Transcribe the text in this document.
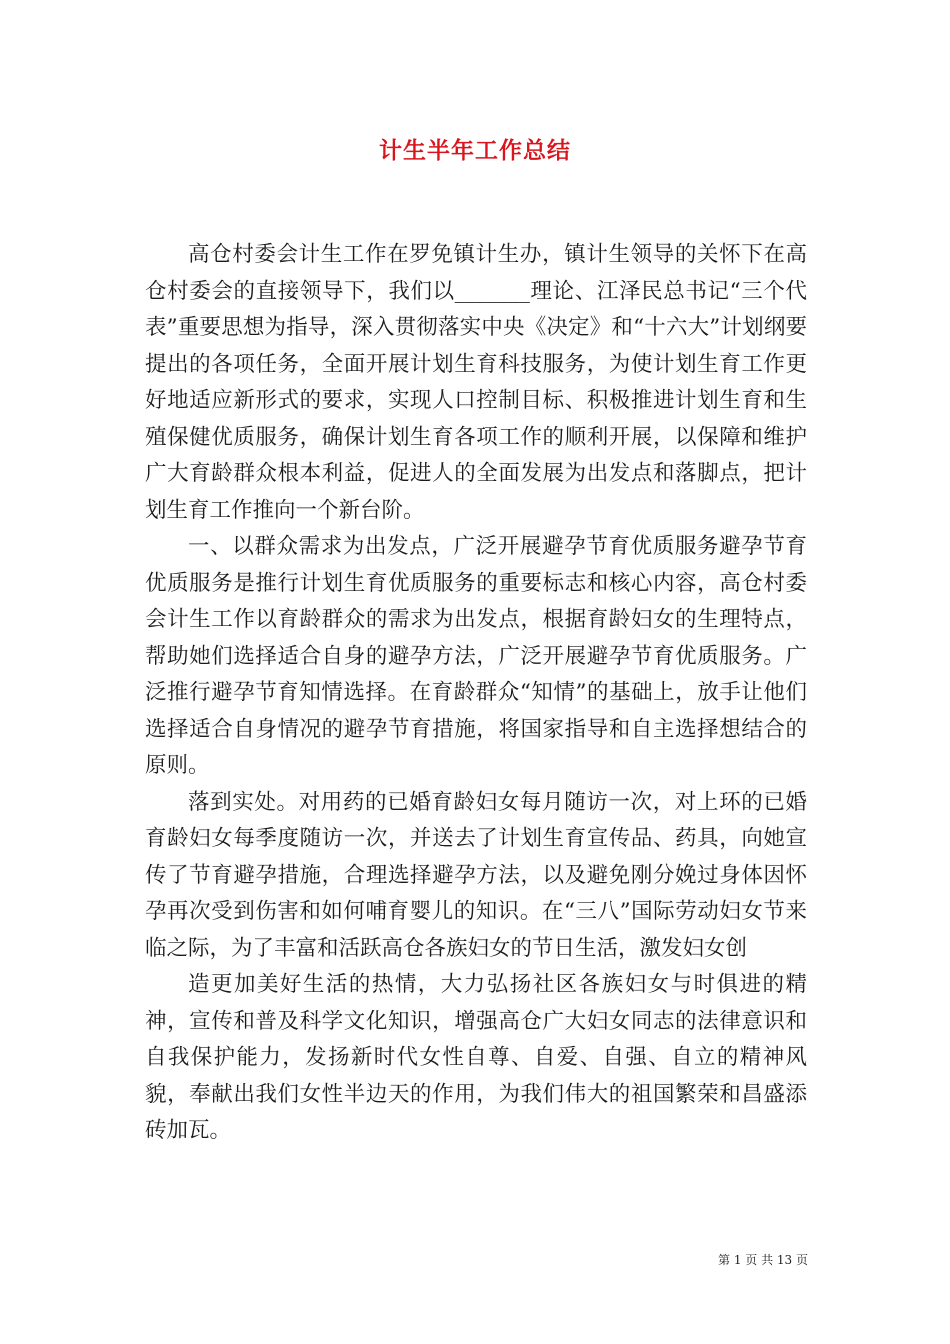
计生半年工作总结

高仓村委会计生工作在罗免镇计生办，镇计生领导的关怀下在高仓村委会的直接领导下，我们以_______理论、江泽民总书记“三个代表”重要思想为指导，深入贯彻落实中央《决定》和“十六大”计划纲要提出的各项任务，全面开展计划生育科技服务，为使计划生育工作更好地适应新形式的要求，实现人口控制目标、积极推进计划生育和生殖保健优质服务，确保计划生育各项工作的顺利开展，以保障和维护广大育龄群众根本利益，促进人的全面发展为出发点和落脚点，把计划生育工作推向一个新台阶。

一、以群众需求为出发点，广泛开展避孕节育优质服务避孕节育优质服务是推行计划生育优质服务的重要标志和核心内容，高仓村委会计生工作以育龄群众的需求为出发点，根据育龄妇女的生理特点，帮助她们选择适合自身的避孕方法，广泛开展避孕节育优质服务。广泛推行避孕节育知情选择。在育龄群众“知情”的基础上，放手让他们选择适合自身情况的避孕节育措施，将国家指导和自主选择想结合的原则。

落到实处。对用药的已婚育龄妇女每月随访一次，对上环的已婚育龄妇女每季度随访一次，并送去了计划生育宣传品、药具，向她宣传了节育避孕措施，合理选择避孕方法，以及避免刚分娩过身体因怀孕再次受到伤害和如何哺育婴儿的知识。在“三八”国际劳动妇女节来临之际，为了丰富和活跃高仓各族妇女的节日生活，激发妇女创

造更加美好生活的热情，大力弘扬社区各族妇女与时俱进的精神，宣传和普及科学文化知识，增强高仓广大妇女同志的法律意识和自我保护能力，发扬新时代女性自尊、自爱、自强、自立的精神风貌，奉献出我们女性半边天的作用，为我们伟大的祖国繁荣和昌盛添砖加瓦。

第 1 页 共 13 页
